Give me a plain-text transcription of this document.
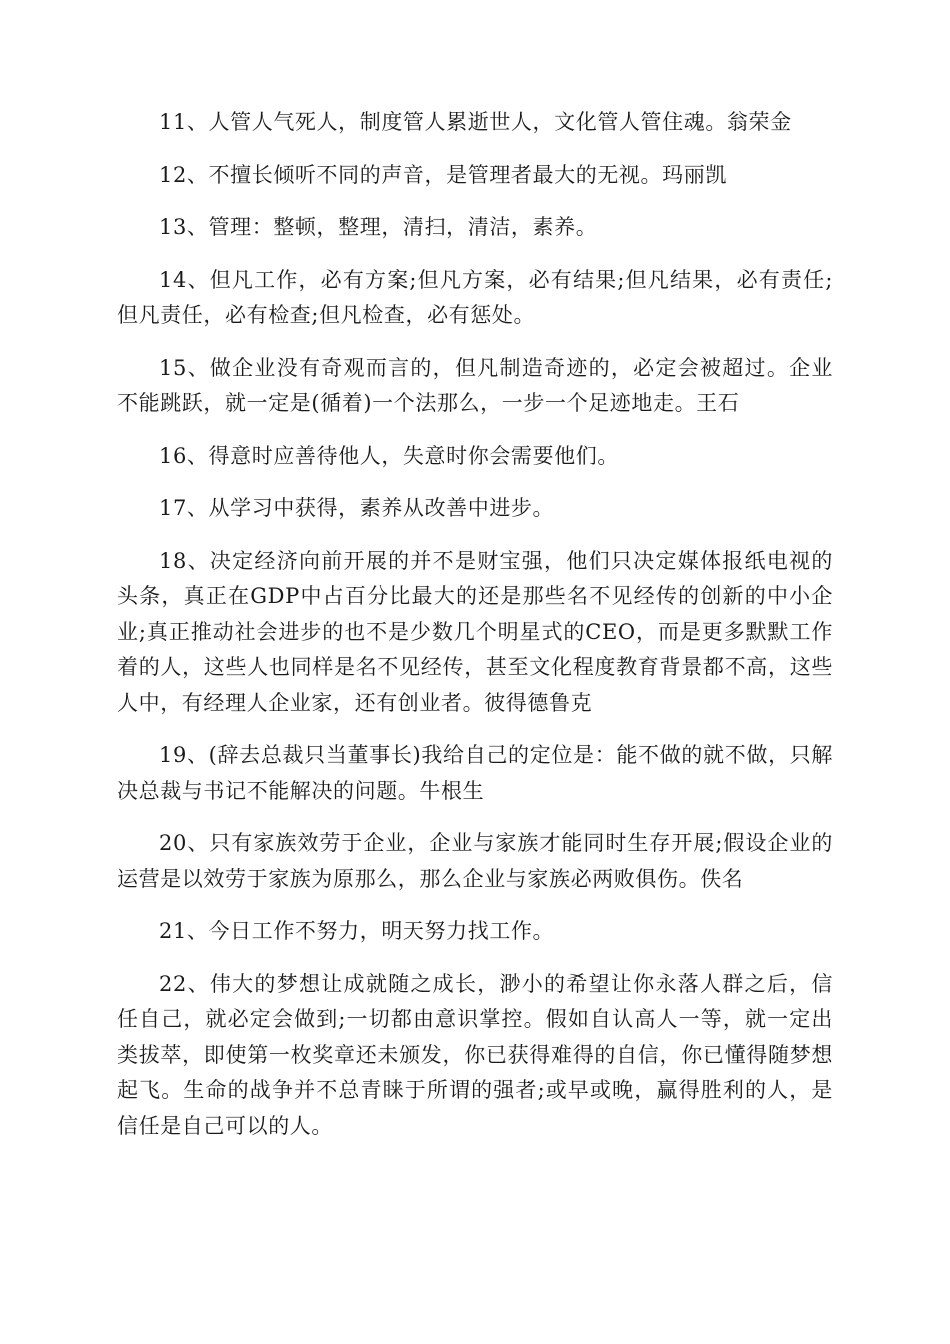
11、人管人气死人，制度管人累逝世人，文化管人管住魂。翁荣金

12、不擅长倾听不同的声音，是管理者最大的无视。玛丽凯

13、管理：整顿，整理，清扫，清洁，素养。

14、但凡工作，必有方案;但凡方案，必有结果;但凡结果，必有责任;但凡责任，必有检查;但凡检查，必有惩处。

15、做企业没有奇观而言的，但凡制造奇迹的，必定会被超过。企业不能跳跃，就一定是(循着)一个法那么，一步一个足迹地走。王石

16、得意时应善待他人，失意时你会需要他们。

17、从学习中获得，素养从改善中进步。

18、决定经济向前开展的并不是财宝强，他们只决定媒体报纸电视的头条，真正在GDP中占百分比最大的还是那些名不见经传的创新的中小企业;真正推动社会进步的也不是少数几个明星式的CEO，而是更多默默工作着的人，这些人也同样是名不见经传，甚至文化程度教育背景都不高，这些人中，有经理人企业家，还有创业者。彼得德鲁克

19、(辞去总裁只当董事长)我给自己的定位是：能不做的就不做，只解决总裁与书记不能解决的问题。牛根生

20、只有家族效劳于企业，企业与家族才能同时生存开展;假设企业的运营是以效劳于家族为原那么，那么企业与家族必两败俱伤。佚名

21、今日工作不努力，明天努力找工作。

22、伟大的梦想让成就随之成长，渺小的希望让你永落人群之后，信任自己，就必定会做到;一切都由意识掌控。假如自认高人一等，就一定出类拔萃，即使第一枚奖章还未颁发，你已获得难得的自信，你已懂得随梦想起飞。生命的战争并不总青睐于所谓的强者;或早或晚，赢得胜利的人，是信任是自己可以的人。
